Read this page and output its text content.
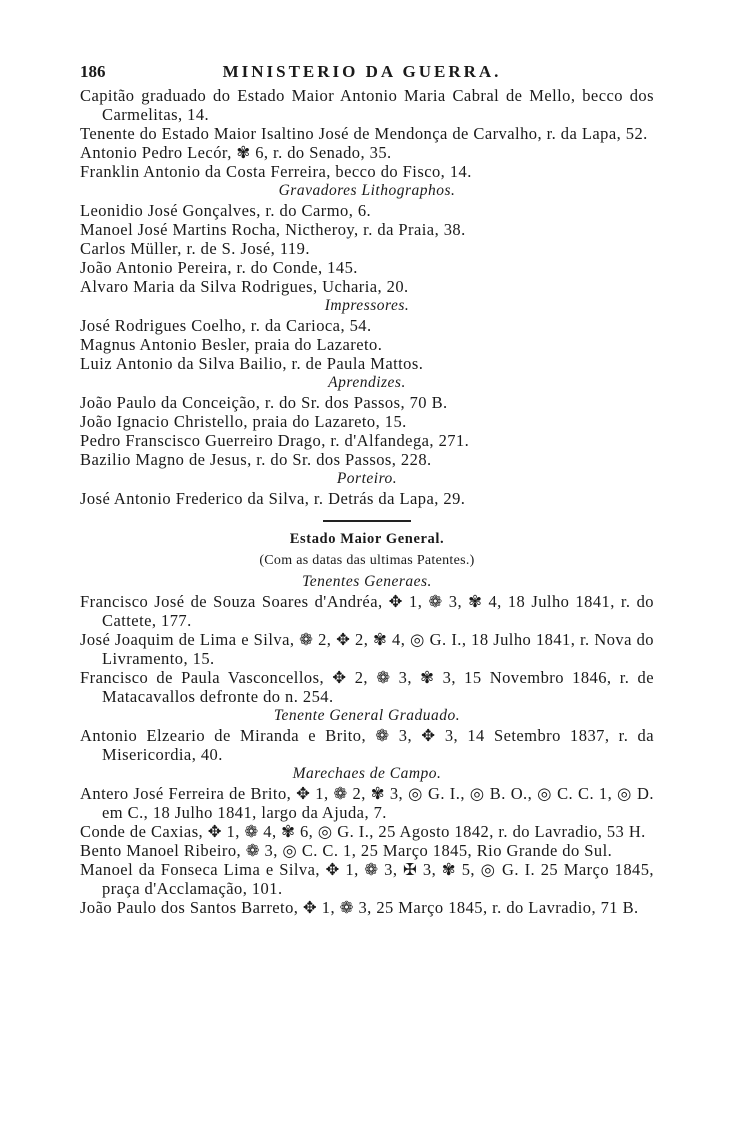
186	MINISTERIO DA GUERRA.
Capitão graduado do Estado Maior Antonio Maria Cabral de Mello, becco dos Carmelitas, 14.
Tenente do Estado Maior Isaltino José de Mendonça de Carvalho, r. da Lapa, 52.
Antonio Pedro Lecór, ✾ 6, r. do Senado, 35.
Franklin Antonio da Costa Ferreira, becco do Fisco, 14.
Gravadores Lithographos.
Leonidio José Gonçalves, r. do Carmo, 6.
Manoel José Martins Rocha, Nictheroy, r. da Praia, 38.
Carlos Müller, r. de S. José, 119.
João Antonio Pereira, r. do Conde, 145.
Alvaro Maria da Silva Rodrigues, Ucharia, 20.
Impressores.
José Rodrigues Coelho, r. da Carioca, 54.
Magnus Antonio Besler, praia do Lazareto.
Luiz Antonio da Silva Bailio, r. de Paula Mattos.
Aprendizes.
João Paulo da Conceição, r. do Sr. dos Passos, 70 B.
João Ignacio Christello, praia do Lazareto, 15.
Pedro Franscisco Guerreiro Drago, r. d'Alfandega, 271.
Bazilio Magno de Jesus, r. do Sr. dos Passos, 228.
Porteiro.
José Antonio Frederico da Silva, r. Detrás da Lapa, 29.
Estado Maior General.
(Com as datas das ultimas Patentes.)
Tenentes Generaes.
Francisco José de Souza Soares d'Andréa, ✥ 1, ❁ 3, ✾ 4, 18 Julho 1841, r. do Cattete, 177.
José Joaquim de Lima e Silva, ❁ 2, ✥ 2, ✾ 4, ◎ G. I., 18 Julho 1841, r. Nova do Livramento, 15.
Francisco de Paula Vasconcellos, ✥ 2, ❁ 3, ✾ 3, 15 Novembro 1846, r. de Matacavallos defronte do n. 254.
Tenente General Graduado.
Antonio Elzeario de Miranda e Brito, ❁ 3, ✥ 3, 14 Setembro 1837, r. da Misericordia, 40.
Marechaes de Campo.
Antero José Ferreira de Brito, ✥ 1, ❁ 2, ✾ 3, ◎ G. I., ◎ B. O., ◎ C. C. 1, ◎ D. em C., 18 Julho 1841, largo da Ajuda, 7.
Conde de Caxias, ✥ 1, ❁ 4, ✾ 6, ◎ G. I., 25 Agosto 1842, r. do Lavradio, 53 H.
Bento Manoel Ribeiro, ❁ 3, ◎ C. C. 1, 25 Março 1845, Rio Grande do Sul.
Manoel da Fonseca Lima e Silva, ✥ 1, ❁ 3, ✠ 3, ✾ 5, ◎ G. I. 25 Março 1845, praça d'Acclamação, 101.
João Paulo dos Santos Barreto, ✥ 1, ❁ 3, 25 Março 1845, r. do Lavradio, 71 B.
